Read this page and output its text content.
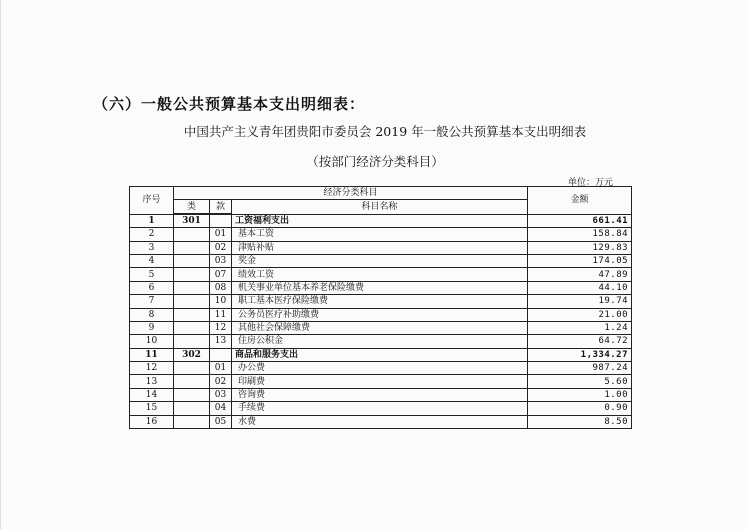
（六）一般公共预算基本支出明细表：
中国共产主义青年团贵阳市委员会 2019 年一般公共预算基本支出明细表
（按部门经济分类科目）
单位：万元
序号	经济分类科目			金额
	类	款	科目名称	

1	301		工资福利支出	661.41
2		01	基本工资	158.84
3		02	津贴补贴	129.83
4		03	奖金	174.05
5		07	绩效工资	47.89
6		08	机关事业单位基本养老保险缴费	44.10
7		10	职工基本医疗保险缴费	19.74
8		11	公务员医疗补助缴费	21.00
9		12	其他社会保障缴费	1.24
10		13	住房公积金	64.72
11	302		商品和服务支出	1,334.27
12		01	办公费	987.24
13		02	印刷费	5.60
14		03	咨询费	1.00
15		04	手续费	0.90
16		05	水费	8.50
